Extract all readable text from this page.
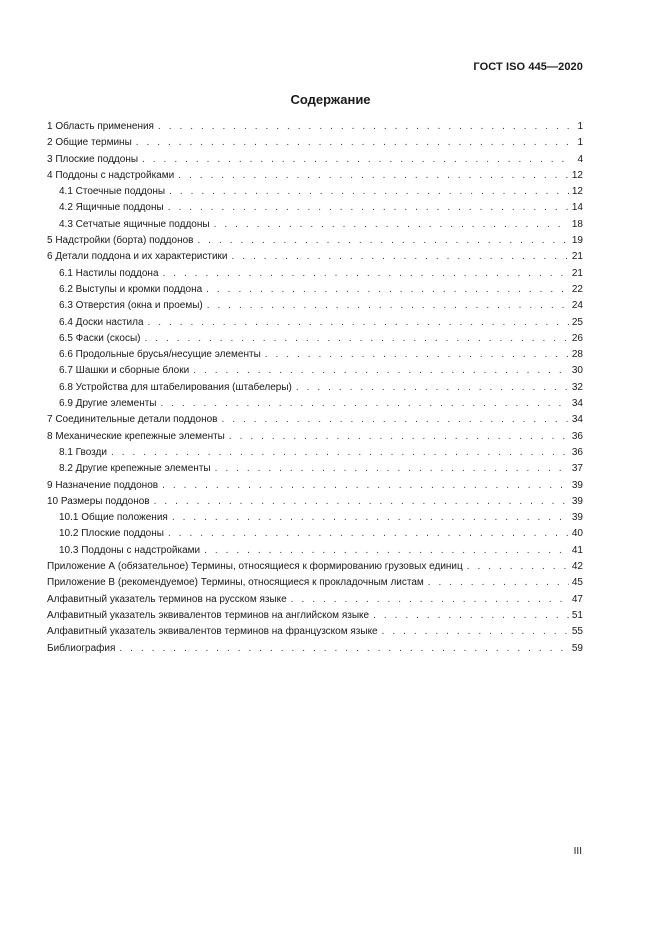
ГОСТ ISO 445—2020
Содержание
1 Область применения . . .	1
2 Общие термины . . .	1
3 Плоские поддоны . . .	4
4 Поддоны с надстройками . . .	12
4.1 Стоечные поддоны . . .	12
4.2 Ящичные поддоны . . .	14
4.3 Сетчатые ящичные поддоны . . .	18
5 Надстройки (борта) поддонов . . .	19
6 Детали поддона и их характеристики . . .	21
6.1 Настилы поддона . . .	21
6.2 Выступы и кромки поддона . . .	22
6.3 Отверстия (окна и проемы) . . .	24
6.4 Доски настила . . .	25
6.5 Фаски (скосы) . . .	26
6.6 Продольные брусья/несущие элементы . . .	28
6.7 Шашки и сборные блоки . . .	30
6.8 Устройства для штабелирования (штабелеры) . . .	32
6.9 Другие элементы . . .	34
7 Соединительные детали поддонов . . .	34
8 Механические крепежные элементы . . .	36
8.1 Гвозди . . .	36
8.2 Другие крепежные элементы . . .	37
9 Назначение поддонов . . .	39
10 Размеры поддонов . . .	39
10.1 Общие положения . . .	39
10.2 Плоские поддоны . . .	40
10.3 Поддоны с надстройками . . .	41
Приложение А (обязательное) Термины, относящиеся к формированию грузовых единиц . . .	42
Приложение В (рекомендуемое) Термины, относящиеся к прокладочным листам . . .	45
Алфавитный указатель терминов на русском языке . . .	47
Алфавитный указатель эквивалентов терминов на английском языке . . .	51
Алфавитный указатель эквивалентов терминов на французском языке . . .	55
Библиография . . .	59
III
